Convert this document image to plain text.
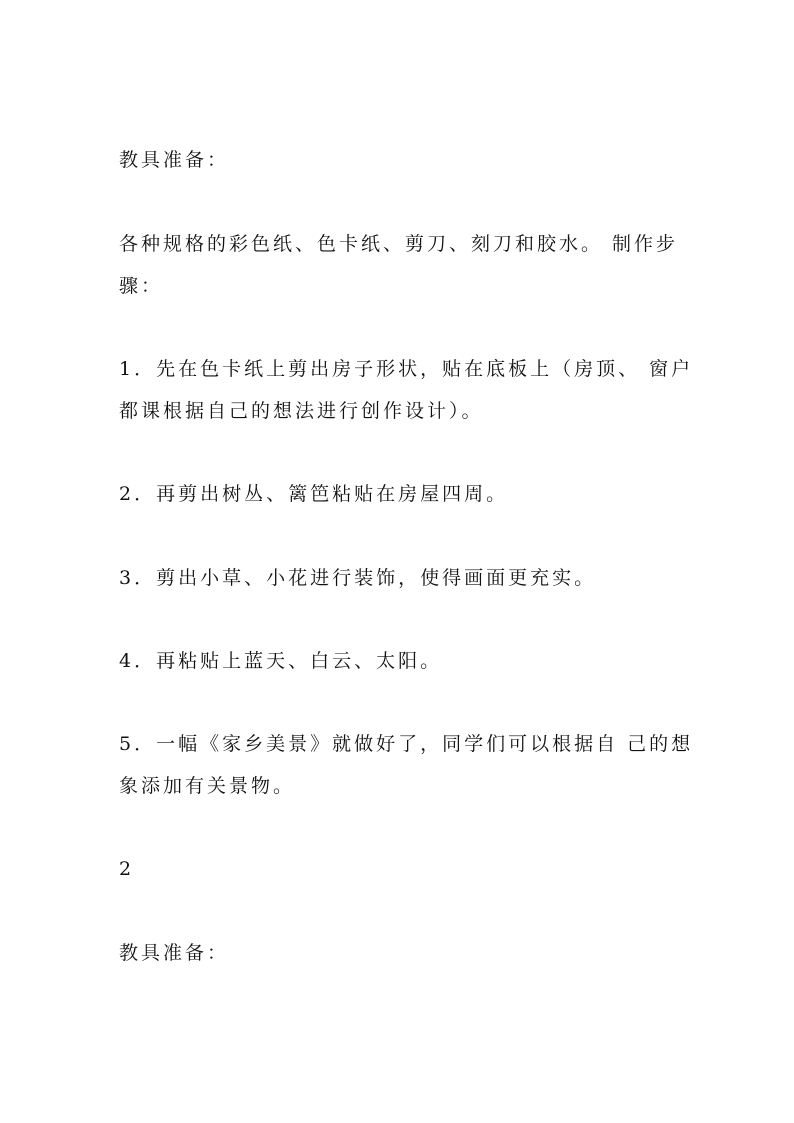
教具准备：
各种规格的彩色纸、色卡纸、剪刀、刻刀和胶水。 制作步
骤：
1．先在色卡纸上剪出房子形状，贴在底板上（房顶、 窗户
都课根据自己的想法进行创作设计）。
2．再剪出树丛、篱笆粘贴在房屋四周。
3．剪出小草、小花进行装饰，使得画面更充实。
4．再粘贴上蓝天、白云、太阳。
5．一幅《家乡美景》就做好了，同学们可以根据自 己的想
象添加有关景物。
2
教具准备：
